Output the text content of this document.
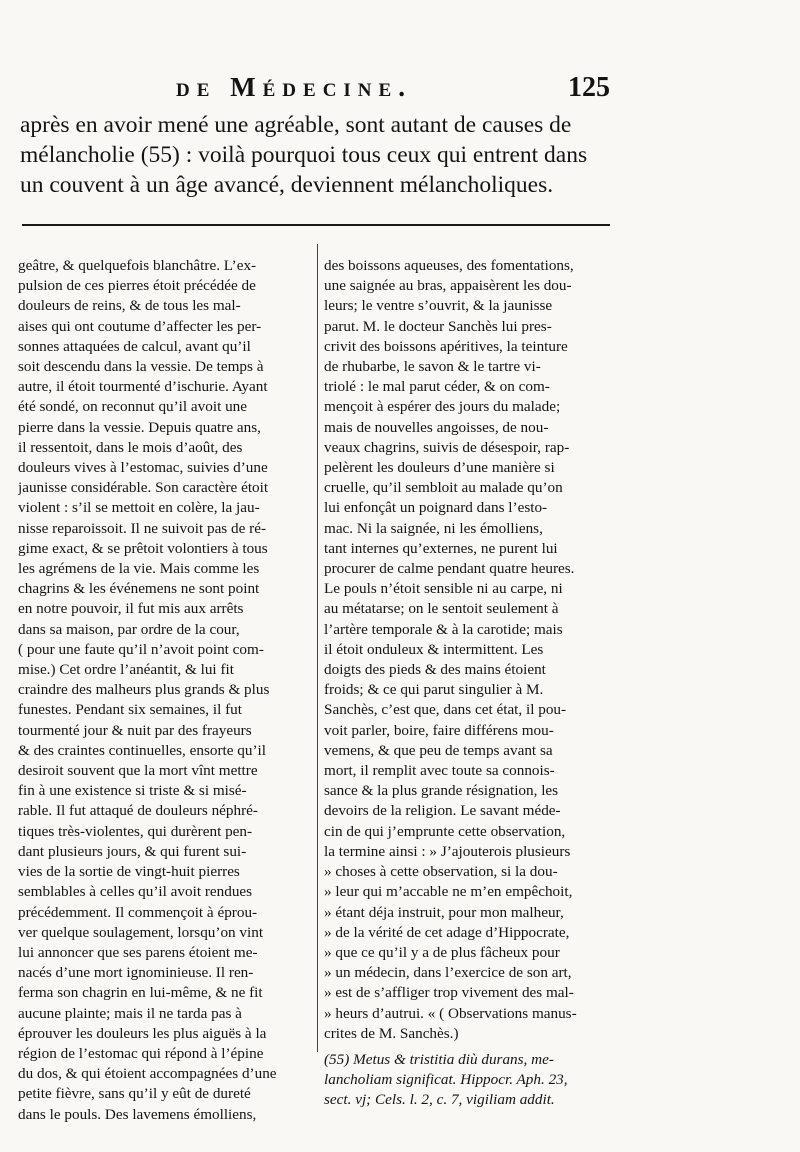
de Médecine.	125
après en avoir mené une agréable, sont autant de causes de
mélancholie (55) : voilà pourquoi tous ceux qui entrent dans
un couvent à un âge avancé, deviennent mélancholiques.
geâtre, & quelquefois blanchâtre. L’ex-
pulsion de ces pierres étoit précédée de
douleurs de reins, & de tous les mal-
aises qui ont coutume d’affecter les per-
sonnes attaquées de calcul, avant qu’il
soit descendu dans la vessie. De temps à
autre, il étoit tourmenté d’ischurie. Ayant
été sondé, on reconnut qu’il avoit une
pierre dans la vessie. Depuis quatre ans,
il ressentoit, dans le mois d’août, des
douleurs vives à l’estomac, suivies d’une
jaunisse considérable. Son caractère étoit
violent : s’il se mettoit en colère, la jau-
nisse reparoissoit. Il ne suivoit pas de ré-
gime exact, & se prêtoit volontiers à tous
les agrémens de la vie. Mais comme les
chagrins & les événemens ne sont point
en notre pouvoir, il fut mis aux arrêts
dans sa maison, par ordre de la cour,
( pour une faute qu’il n’avoit point com-
mise.) Cet ordre l’anéantit, & lui fit
craindre des malheurs plus grands & plus
funestes. Pendant six semaines, il fut
tourmenté jour & nuit par des frayeurs
& des craintes continuelles, ensorte qu’il
desiroit souvent que la mort vînt mettre
fin à une existence si triste & si misé-
rable. Il fut attaqué de douleurs néphré-
tiques très-violentes, qui durèrent pen-
dant plusieurs jours, & qui furent sui-
vies de la sortie de vingt-huit pierres
semblables à celles qu’il avoit rendues
précédemment. Il commençoit à éprou-
ver quelque soulagement, lorsqu’on vint
lui annoncer que ses parens étoient me-
nacés d’une mort ignominieuse. Il ren-
ferma son chagrin en lui-même, & ne fit
aucune plainte; mais il ne tarda pas à
éprouver les douleurs les plus aiguës à la
région de l’estomac qui répond à l’épine
du dos, & qui étoient accompagnées d’une
petite fièvre, sans qu’il y eût de dureté
dans le pouls. Des lavemens émolliens,
des boissons aqueuses, des fomentations,
une saignée au bras, appaisèrent les dou-
leurs; le ventre s’ouvrit, & la jaunisse
parut. M. le docteur Sanchès lui pres-
crivit des boissons apéritives, la teinture
de rhubarbe, le savon & le tartre vi-
triolé : le mal parut céder, & on com-
mençoit à espérer des jours du malade;
mais de nouvelles angoisses, de nou-
veaux chagrins, suivis de désespoir, rap-
pelèrent les douleurs d’une manière si
cruelle, qu’il sembloit au malade qu’on
lui enfonçât un poignard dans l’esto-
mac. Ni la saignée, ni les émolliens,
tant internes qu’externes, ne purent lui
procurer de calme pendant quatre heures.
Le pouls n’étoit sensible ni au carpe, ni
au métatarse; on le sentoit seulement à
l’artère temporale & à la carotide; mais
il étoit onduleux & intermittent. Les
doigts des pieds & des mains étoient
froids; & ce qui parut singulier à M.
Sanchès, c’est que, dans cet état, il pou-
voit parler, boire, faire différens mou-
vemens, & que peu de temps avant sa
mort, il remplit avec toute sa connois-
sance & la plus grande résignation, les
devoirs de la religion. Le savant méde-
cin de qui j’emprunte cette observation,
la termine ainsi : » J’ajouterois plusieurs
» choses à cette observation, si la dou-
» leur qui m’accable ne m’en empêchoit,
» étant déja instruit, pour mon malheur,
» de la vérité de cet adage d’Hippocrate,
» que ce qu’il y a de plus fâcheux pour
» un médecin, dans l’exercice de son art,
» est de s’affliger trop vivement des mal-
» heurs d’autrui. « ( Observations manus-
crites de M. Sanchès.)
(55) Metus & tristitia diù durans, me-
lancholiam significat. Hippocr. Aph. 23,
sect. vj; Cels. l. 2, c. 7, vigiliam addit.
